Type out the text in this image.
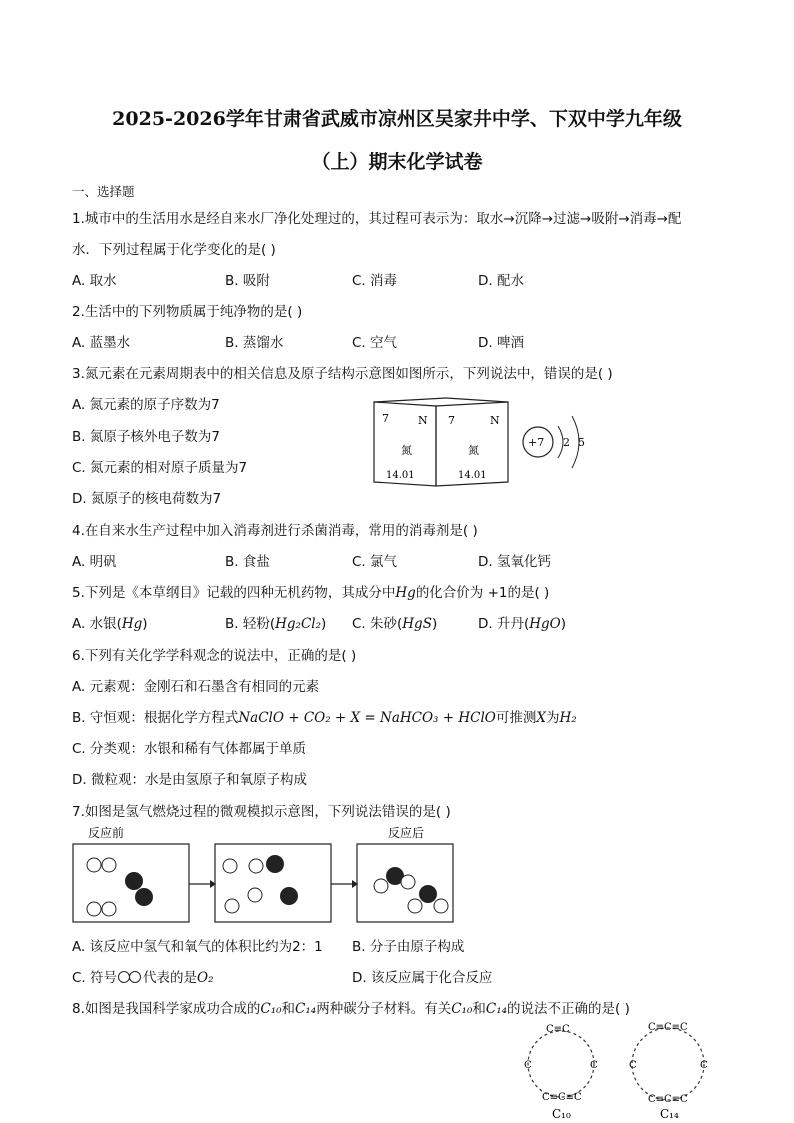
2025-2026学年甘肃省武威市凉州区吴家井中学、下双中学九年级
（上）期末化学试卷
一、选择题
1.城市中的生活用水是经自来水厂净化处理过的，其过程可表示为：取水→沉降→过滤→吸附→消毒→配
水．下列过程属于化学变化的是( )
A. 取水	B. 吸附	C. 消毒	D. 配水
2.生活中的下列物质属于纯净物的是( )
A. 蓝墨水	B. 蒸馏水	C. 空气	D. 啤酒
3.氮元素在元素周期表中的相关信息及原子结构示意图如图所示，下列说法中，错误的是( )
A. 氮元素的原子序数为7
B. 氮原子核外电子数为7
C. 氮元素的相对原子质量为7
D. 氮原子的核电荷数为7
7	N
氮
14.01
7	N
氮
14.01
+7 2 5
4.在自来水生产过程中加入消毒剂进行杀菌消毒，常用的消毒剂是( )
A. 明矾	B. 食盐	C. 氯气	D. 氢氧化钙
5.下列是《本草纲目》记载的四种无机药物，其成分中Hg的化合价为 +1的是( )
A. 水银(Hg)	B. 轻粉(Hg₂Cl₂) C. 朱砂(HgS)	D. 升丹(HgO)
6.下列有关化学学科观念的说法中，正确的是( )
A. 元素观：金刚石和石墨含有相同的元素
B. 守恒观：根据化学方程式NaClO + CO₂ + X = NaHCO₃ + HClO可推测X为H₂
C. 分类观：水银和稀有气体都属于单质
D. 微粒观：水是由氢原子和氧原子构成
7.如图是氢气燃烧过程的微观模拟示意图，下列说法错误的是( )
反应前	反应后
A. 该反应中氢气和氧气的体积比约为2：1 B. 分子由原子构成
C. 符号 代表的是O₂	D. 该反应属于化合反应
8.如图是我国科学家成功合成的C₁₀和C₁₄两种碳分子材料。有关C₁₀和C₁₄的说法不正确的是( )
C≡C
C	C
C≡C≡C
C₁₀
C≡C≡C
C	C
C≡C≡C
C₁₄
